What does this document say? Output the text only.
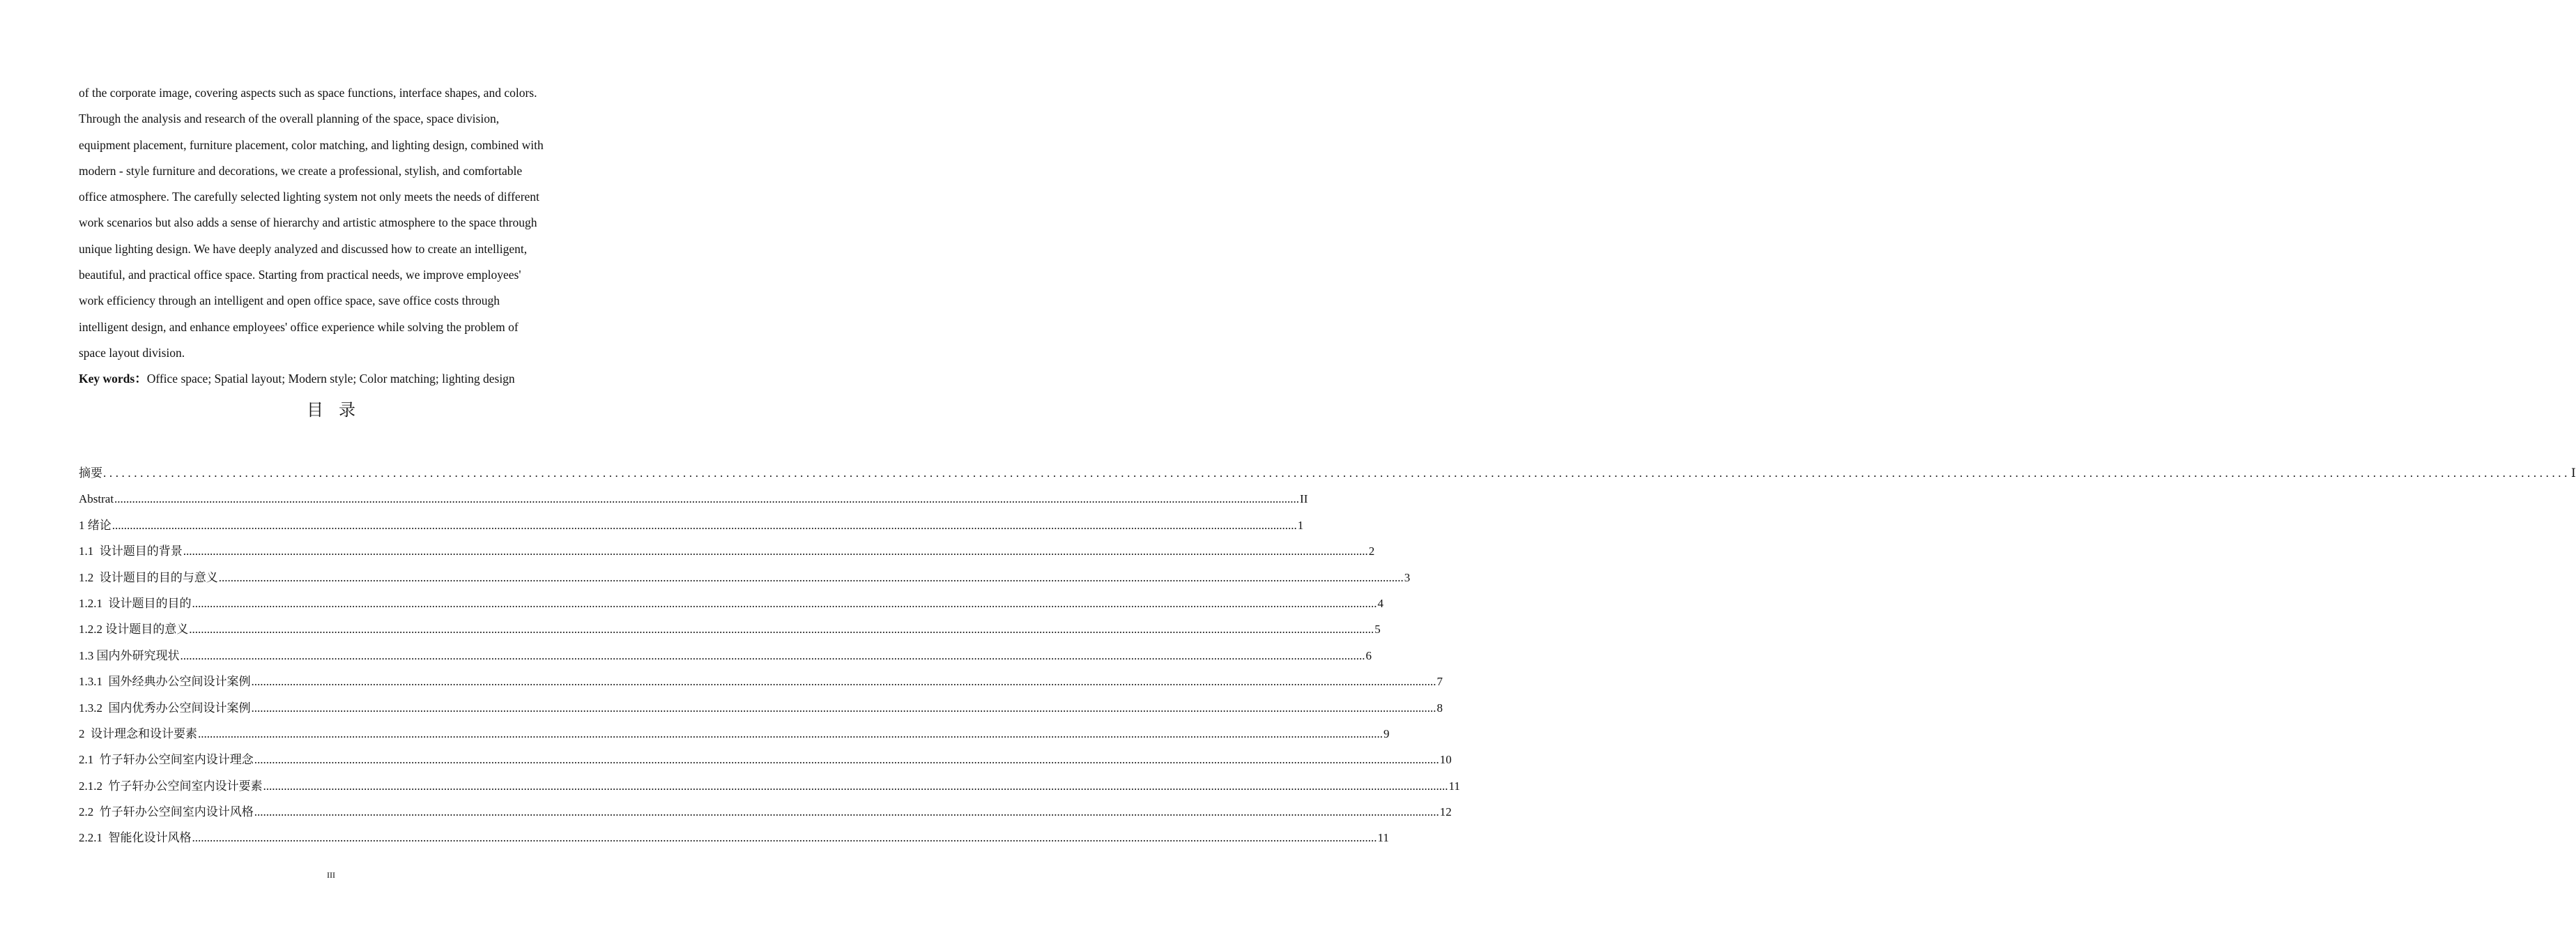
of the corporate image, covering aspects such as space functions, interface shapes, and colors.
Through the analysis and research of the overall planning of the space, space division,
equipment placement, furniture placement, color matching, and lighting design, combined with
modern - style furniture and decorations, we create a professional, stylish, and comfortable
office atmosphere. The carefully selected lighting system not only meets the needs of different
work scenarios but also adds a sense of hierarchy and artistic atmosphere to the space through
unique lighting design. We have deeply analyzed and discussed how to create an intelligent,
beautiful, and practical office space. Starting from practical needs, we improve employees'
work efficiency through an intelligent and open office space, save office costs through
intelligent design, and enhance employees' office experience while solving the problem of
space layout division.
Key words：Office space; Spatial layout; Modern style; Color matching; lighting design
目录
摘要 ................................................................................................................................................................................................................................................................................................................................................................................................................ Ⅰ
Abstrat ................................................................................................................................................................................................................................................................................................................................................................................................................ II
1 绪论 ................................................................................................................................................................................................................................................................................................................................................................................................................ 1
1.1  设计题目的背景 ................................................................................................................................................................................................................................................................................................................................................................................................................ 2
1.2  设计题目的目的与意义 ................................................................................................................................................................................................................................................................................................................................................................................................................ 3
1.2.1  设计题目的目的 ................................................................................................................................................................................................................................................................................................................................................................................................................ 4
1.2.2 设计题目的意义 ................................................................................................................................................................................................................................................................................................................................................................................................................ 5
1.3 国内外研究现状 ................................................................................................................................................................................................................................................................................................................................................................................................................ 6
1.3.1  国外经典办公空间设计案例 ................................................................................................................................................................................................................................................................................................................................................................................................................ 7
1.3.2  国内优秀办公空间设计案例 ................................................................................................................................................................................................................................................................................................................................................................................................................ 8
2  设计理念和设计要素 ................................................................................................................................................................................................................................................................................................................................................................................................................ 9
2.1  竹子轩办公空间室内设计理念 ................................................................................................................................................................................................................................................................................................................................................................................................................ 10
2.1.2  竹子轩办公空间室内设计要素 ................................................................................................................................................................................................................................................................................................................................................................................................................ 11
2.2  竹子轩办公空间室内设计风格 ................................................................................................................................................................................................................................................................................................................................................................................................................ 12
2.2.1  智能化设计风格 ................................................................................................................................................................................................................................................................................................................................................................................................................ 11
III
